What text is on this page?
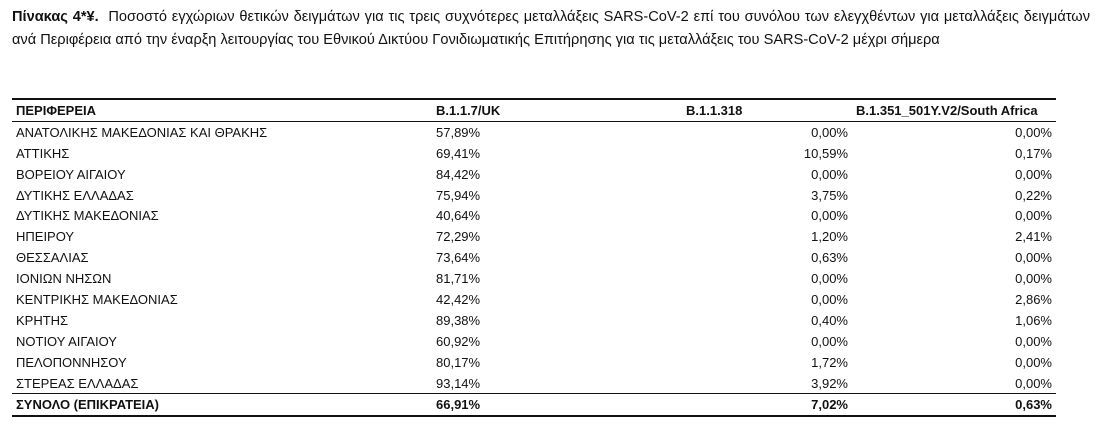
Πίνακας 4*¥. Ποσοστό εγχώριων θετικών δειγμάτων για τις τρεις συχνότερες μεταλλάξεις SARS-CoV-2 επί του συνόλου των ελεγχθέντων για μεταλλάξεις δειγμάτων ανά Περιφέρεια από την έναρξη λειτουργίας του Εθνικού Δικτύου Γονιδιωματικής Επιτήρησης για τις μεταλλάξεις του SARS-CoV-2 μέχρι σήμερα

ΠΕΡΙΦΕΡΕΙΑ	B.1.1.7/UK	B.1.1.318	B.1.351_501Y.V2/South Africa
ΑΝΑΤΟΛΙΚΗΣ ΜΑΚΕΔΟΝΙΑΣ ΚΑΙ ΘΡΑΚΗΣ	57,89%	0,00%	0,00%
ΑΤΤΙΚΗΣ	69,41%	10,59%	0,17%
ΒΟΡΕΙΟΥ ΑΙΓΑΙΟΥ	84,42%	0,00%	0,00%
ΔΥΤΙΚΗΣ ΕΛΛΑΔΑΣ	75,94%	3,75%	0,22%
ΔΥΤΙΚΗΣ ΜΑΚΕΔΟΝΙΑΣ	40,64%	0,00%	0,00%
ΗΠΕΙΡΟΥ	72,29%	1,20%	2,41%
ΘΕΣΣΑΛΙΑΣ	73,64%	0,63%	0,00%
ΙΟΝΙΩΝ ΝΗΣΩΝ	81,71%	0,00%	0,00%
ΚΕΝΤΡΙΚΗΣ ΜΑΚΕΔΟΝΙΑΣ	42,42%	0,00%	2,86%
ΚΡΗΤΗΣ	89,38%	0,40%	1,06%
ΝΟΤΙΟΥ ΑΙΓΑΙΟΥ	60,92%	0,00%	0,00%
ΠΕΛΟΠΟΝΝΗΣΟΥ	80,17%	1,72%	0,00%
ΣΤΕΡΕΑΣ ΕΛΛΑΔΑΣ	93,14%	3,92%	0,00%
ΣΥΝΟΛΟ (ΕΠΙΚΡΑΤΕΙΑ)	66,91%	7,02%	0,63%
